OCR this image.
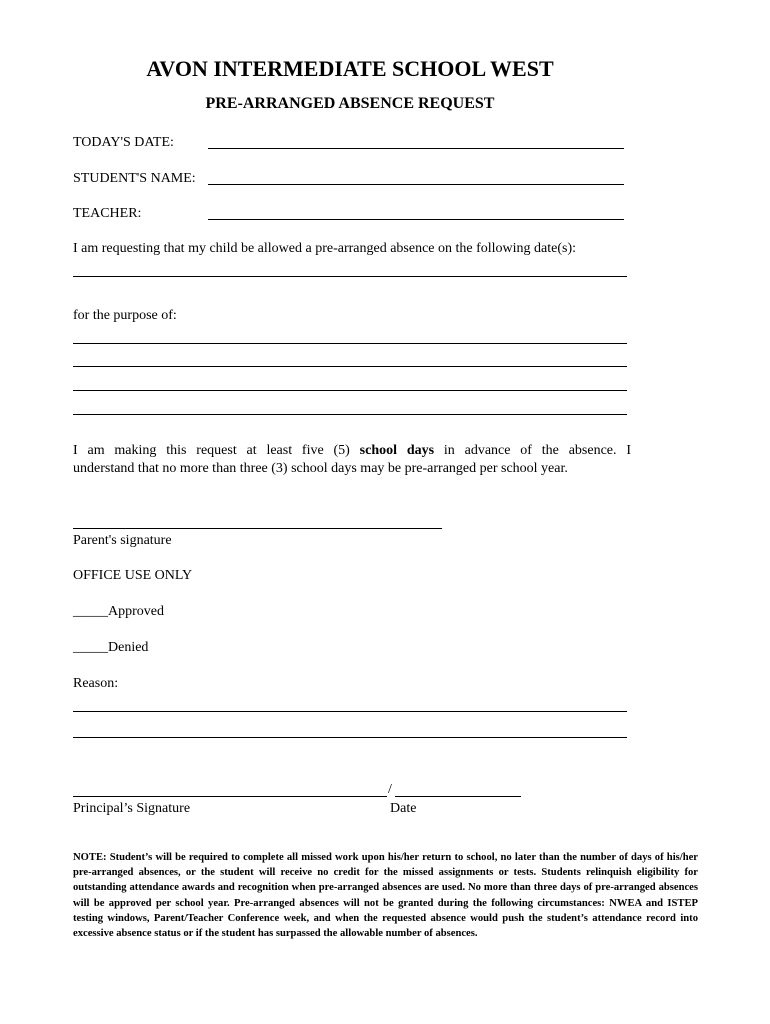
AVON INTERMEDIATE SCHOOL WEST
PRE-ARRANGED ABSENCE REQUEST
TODAY'S DATE:
STUDENT'S NAME:
TEACHER:
I am requesting that my child be allowed a pre-arranged absence on the following date(s):
for the purpose of:
I am making this request at least five (5) school days in advance of the absence. I
understand that no more than three (3) school days may be pre-arranged per school year.
Parent's signature
OFFICE USE ONLY
_____Approved
_____Denied
Reason:
/
Principal’s Signature	Date
NOTE: Student’s will be required to complete all missed work upon his/her return to school, no later than the number of days of his/her pre-arranged absences, or the student will receive no credit for the missed assignments or tests. Students relinquish eligibility for outstanding attendance awards and recognition when pre-arranged absences are used. No more than three days of pre-arranged absences will be approved per school year. Pre-arranged absences will not be granted during the following circumstances: NWEA and ISTEP testing windows, Parent/Teacher Conference week, and when the requested absence would push the student’s attendance record into excessive absence status or if the student has surpassed the allowable number of absences.
